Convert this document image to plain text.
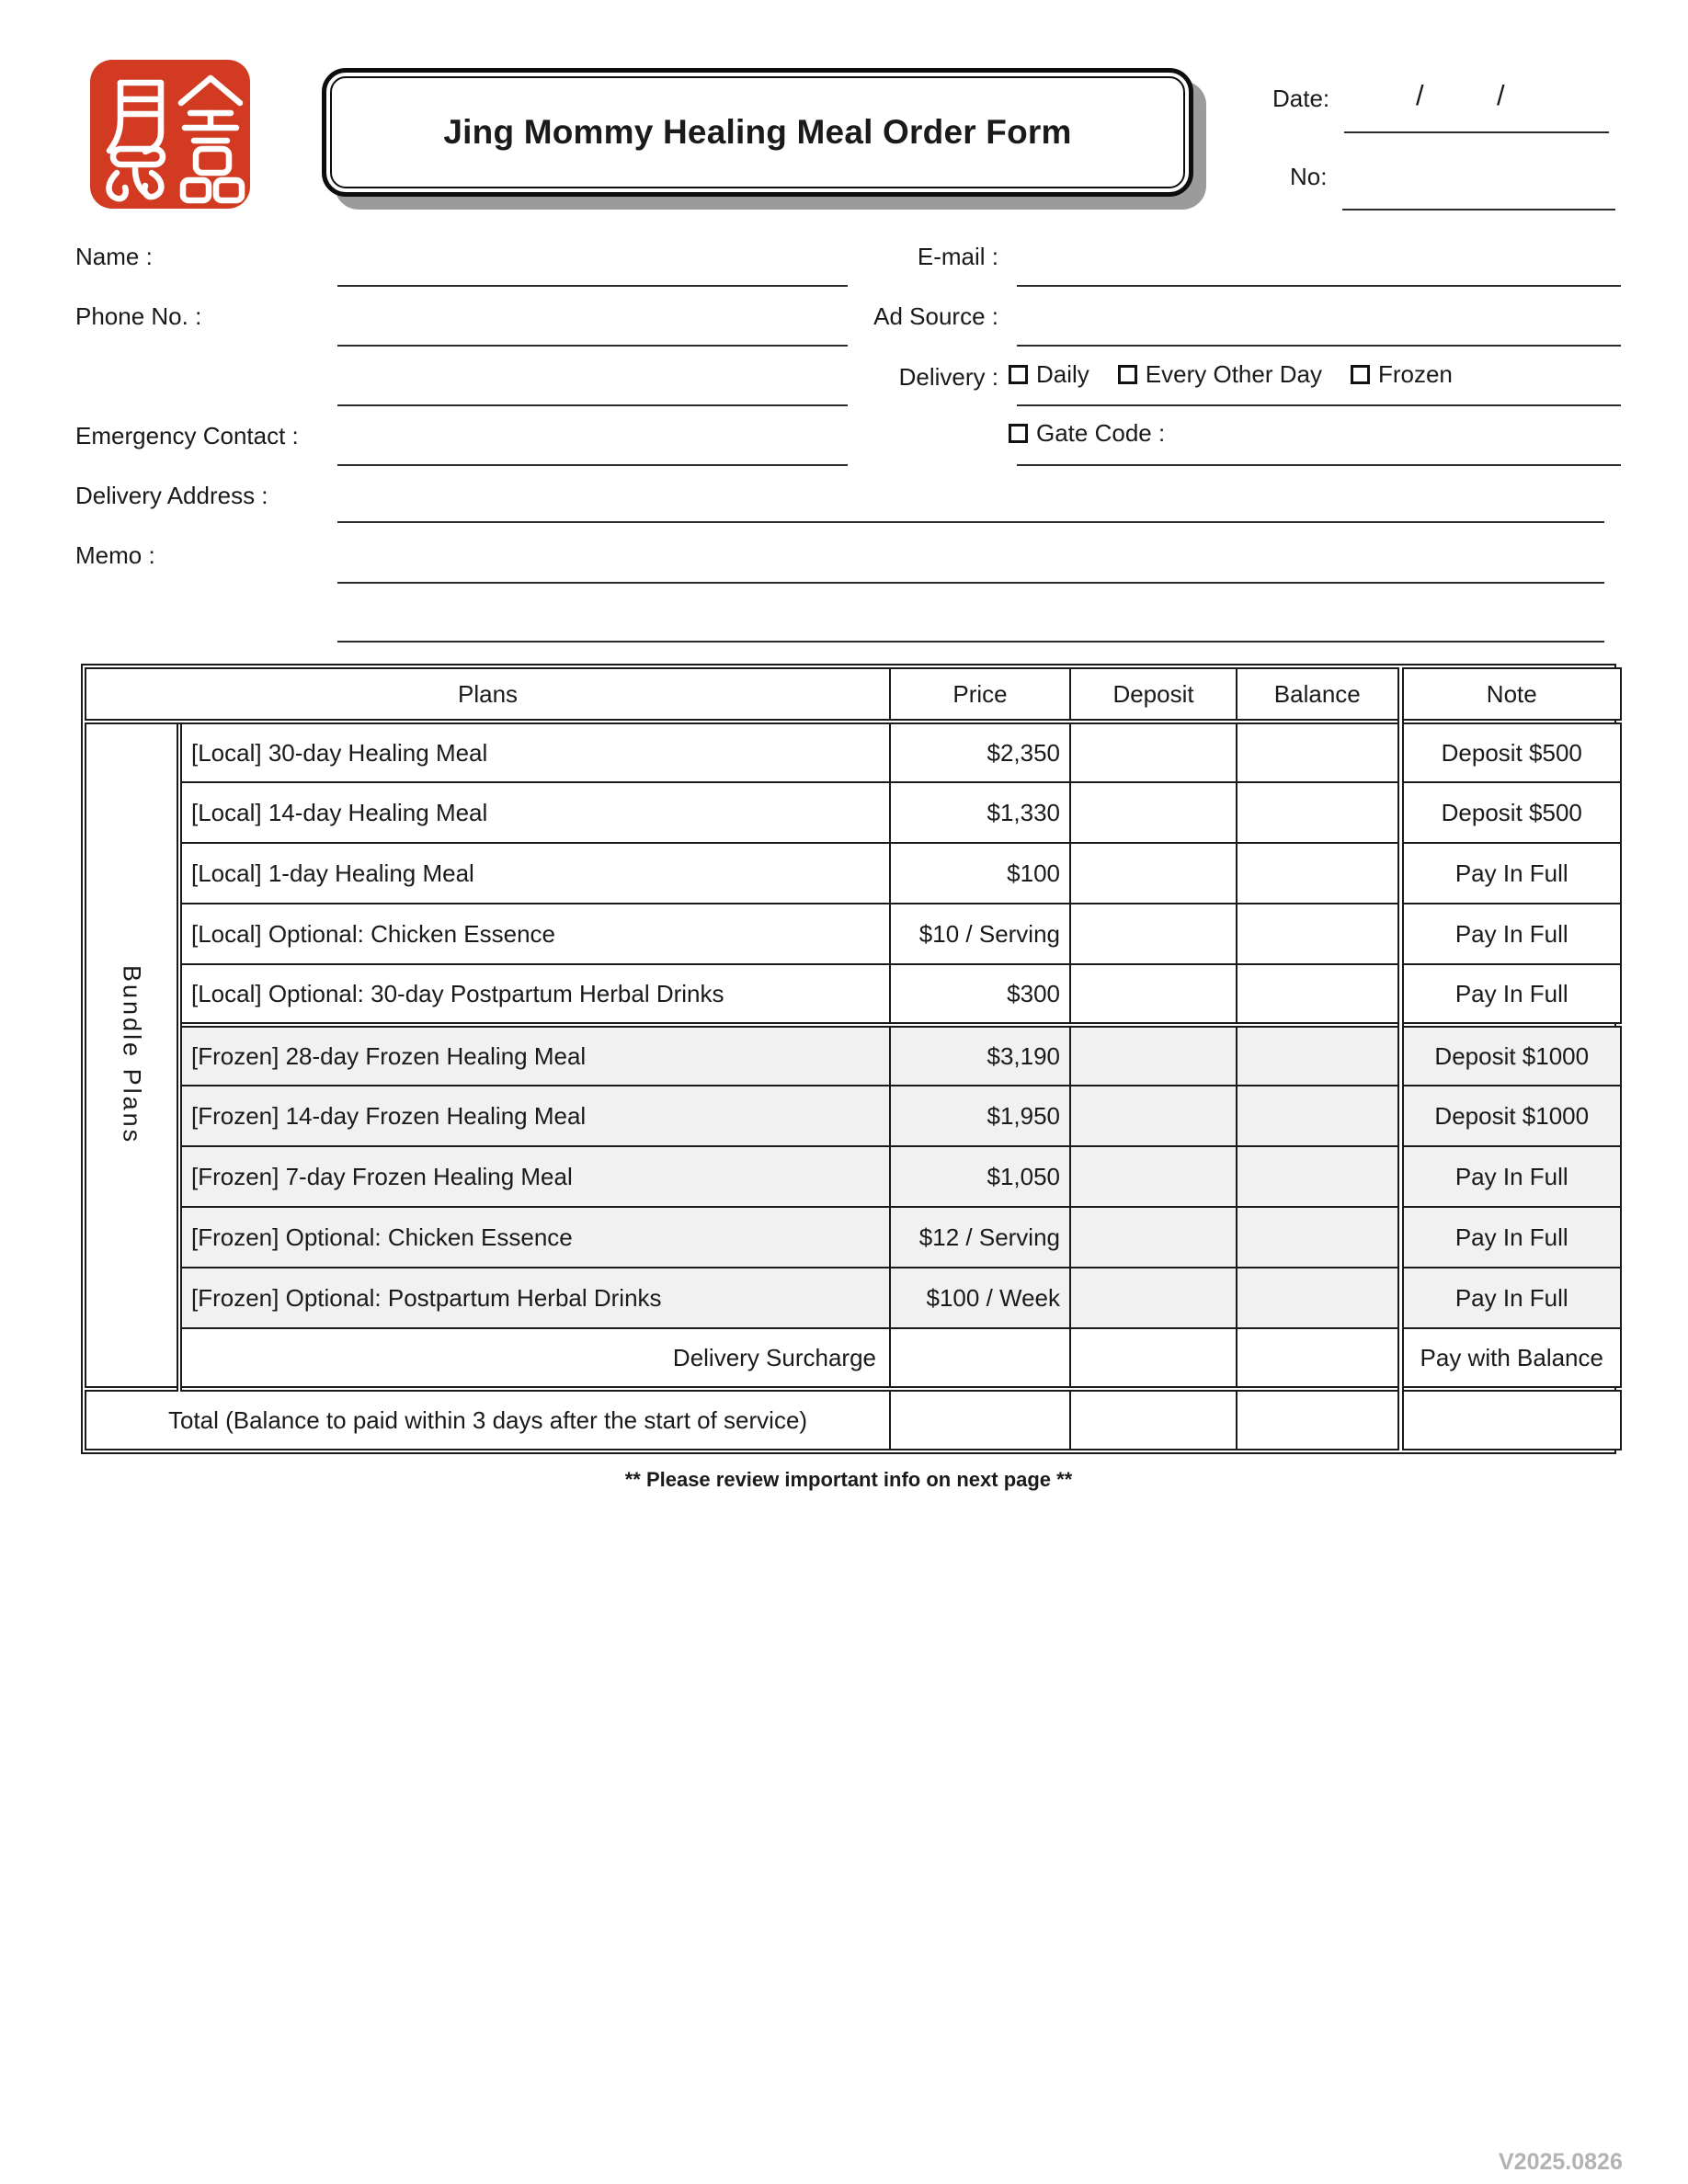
Jing Mommy Healing Meal Order Form
Date:	/	/
No:
Name :
Phone No. :
Emergency Contact :
Delivery Address :
Memo :
E-mail :
Ad Source :
Delivery : Daily Every Other Day Frozen
Gate Code :
Plans		Price	Deposit	Balance	Note

Bundle Plans	[Local] 30-day Healing Meal	$2,350			Deposit $500
	[Local] 14-day Healing Meal	$1,330			Deposit $500
	[Local] 1-day Healing Meal	$100			Pay In Full
	[Local] Optional: Chicken Essence	$10 / Serving			Pay In Full
	[Local] Optional: 30-day Postpartum Herbal Drinks	$300			Pay In Full
	[Frozen] 28-day Frozen Healing Meal	$3,190			Deposit $1000
	[Frozen] 14-day Frozen Healing Meal	$1,950			Deposit $1000
	[Frozen] 7-day Frozen Healing Meal	$1,050			Pay In Full
	[Frozen] Optional: Chicken Essence	$12 / Serving			Pay In Full
	[Frozen] Optional: Postpartum Herbal Drinks	$100 / Week			Pay In Full
	Delivery Surcharge				Pay with Balance
Total (Balance to paid within 3 days after the start of service)					
** Please review important info on next page **
V2025.0826
